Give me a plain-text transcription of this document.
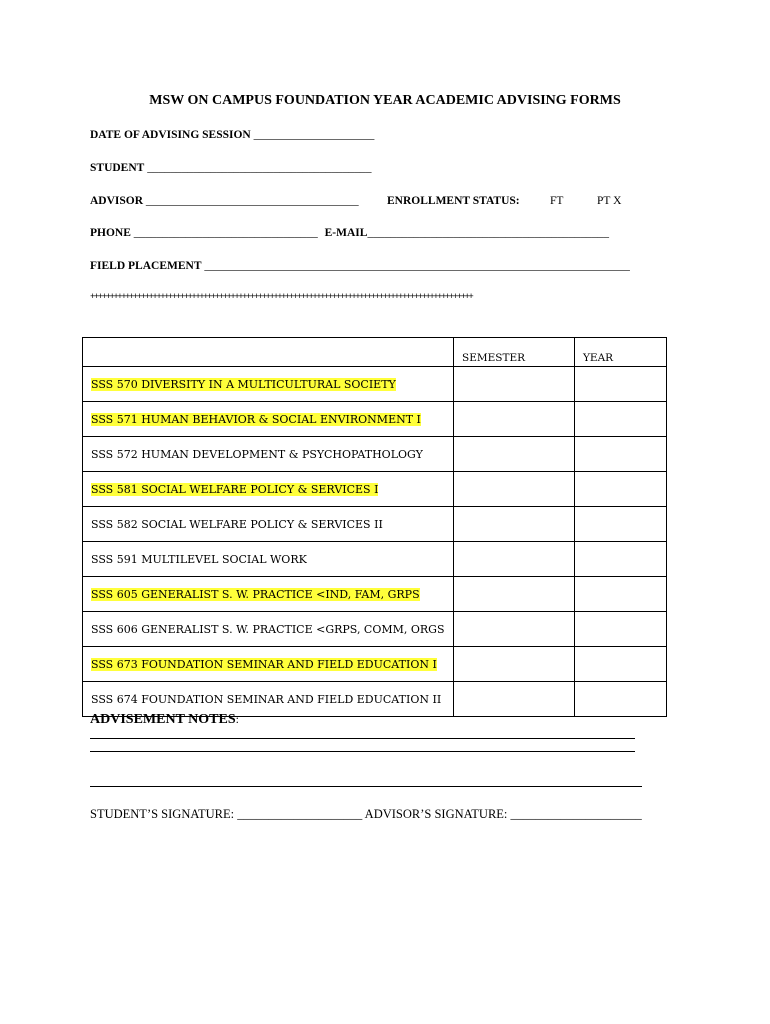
MSW ON CAMPUS FOUNDATION YEAR ACADEMIC ADVISING FORMS
DATE OF ADVISING SESSION _____________________
STUDENT _______________________________________
ADVISOR _____________________________________ ENROLLMENT STATUS:	FT	PT X
PHONE ________________________________ E-MAIL__________________________________________
FIELD PLACEMENT __________________________________________________________________________
++++++++++++++++++++++++++++++++++++++++++++++++++++++++++++++++++++++++++++++++++++++++++++++++++
	SEMESTER	YEAR
SSS 570 DIVERSITY IN A MULTICULTURAL SOCIETY		
SSS 571 HUMAN BEHAVIOR & SOCIAL ENVIRONMENT I		
SSS 572 HUMAN DEVELOPMENT & PSYCHOPATHOLOGY		
SSS 581 SOCIAL WELFARE POLICY & SERVICES I		
SSS 582 SOCIAL WELFARE POLICY & SERVICES II		
SSS 591 MULTILEVEL SOCIAL WORK		
SSS 605 GENERALIST S. W. PRACTICE <IND, FAM, GRPS		
SSS 606 GENERALIST S. W. PRACTICE <GRPS, COMM, ORGS		
SSS 673 FOUNDATION SEMINAR AND FIELD EDUCATION I		
SSS 674 FOUNDATION SEMINAR AND FIELD EDUCATION II		
ADVISEMENT NOTES:
STUDENT’S SIGNATURE: ____________________ ADVISOR’S SIGNATURE: _____________________
